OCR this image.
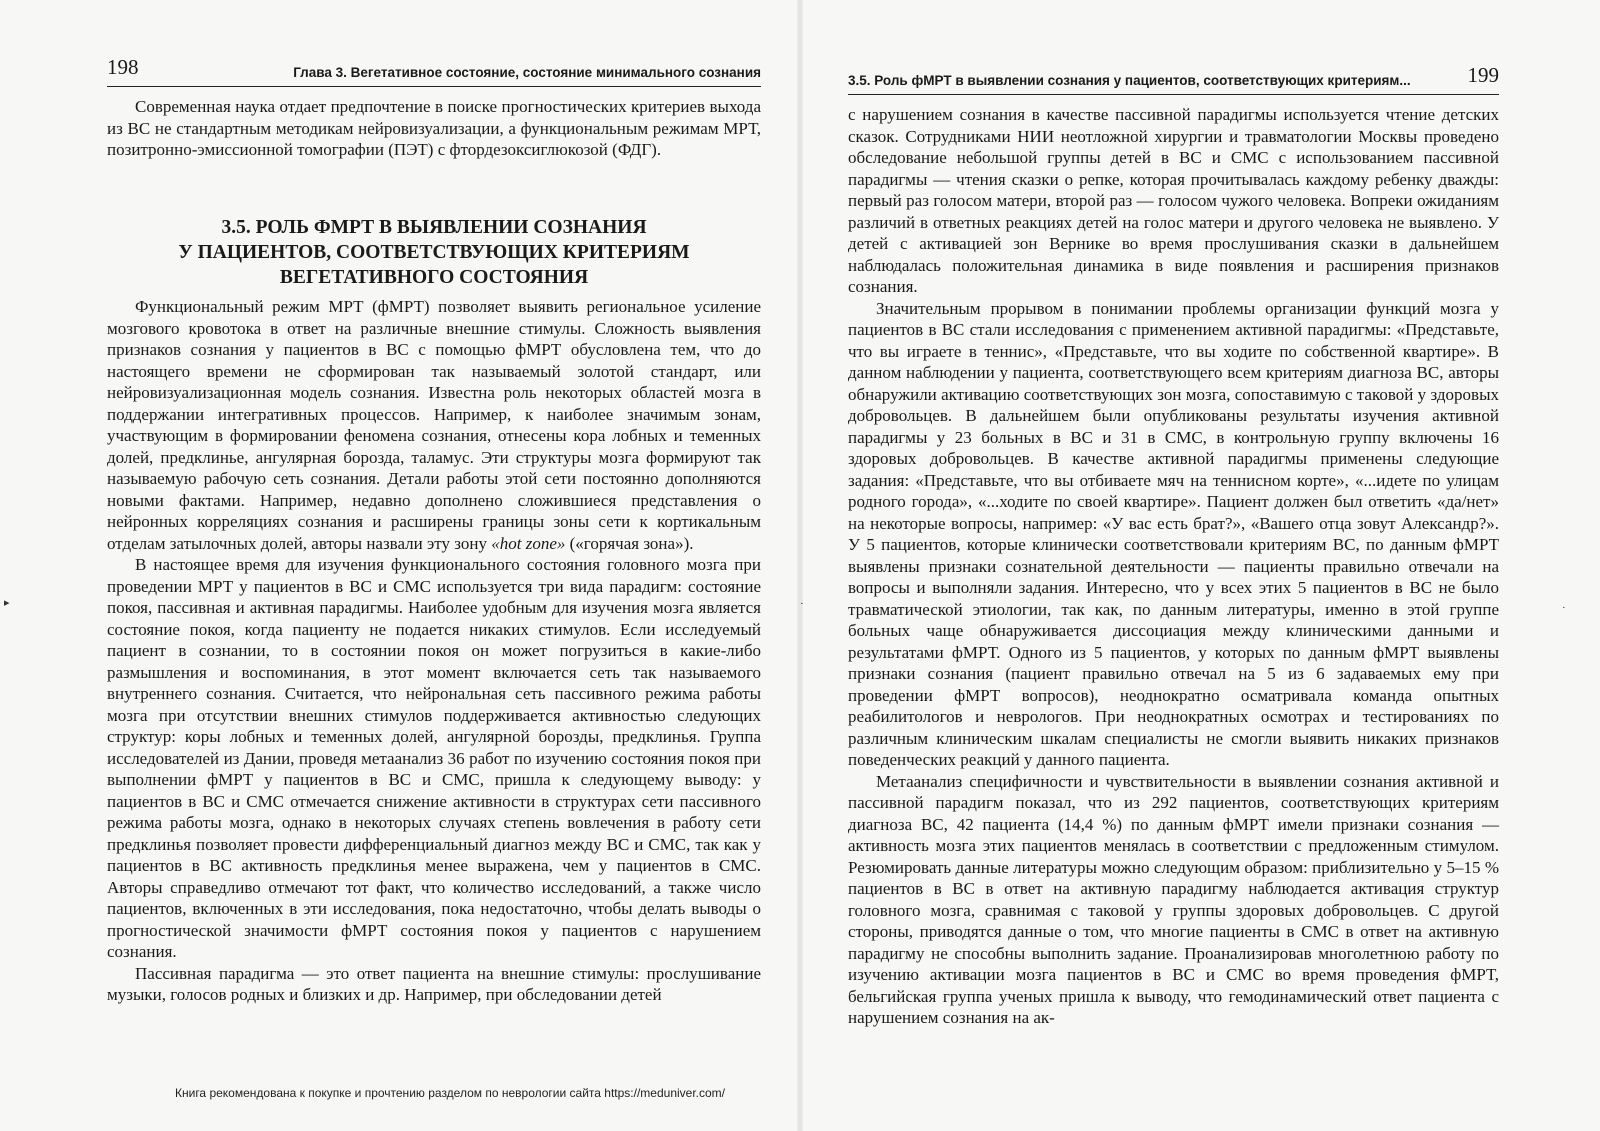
198	Глава 3. Вегетативное состояние, состояние минимального сознания

Современная наука отдает предпочтение в поиске прогностических критериев выхода из ВС не стандартным методикам нейровизуализации, а функциональным режимам МРТ, позитронно-эмиссионной томографии (ПЭТ) с фтордезоксиглюкозой (ФДГ).

3.5. РОЛЬ ФМРТ В ВЫЯВЛЕНИИ СОЗНАНИЯ
У ПАЦИЕНТОВ, СООТВЕТСТВУЮЩИХ КРИТЕРИЯМ
ВЕГЕТАТИВНОГО СОСТОЯНИЯ

Функциональный режим МРТ (фМРТ) позволяет выявить региональное усиление мозгового кровотока в ответ на различные внешние стимулы. Сложность выявления признаков сознания у пациентов в ВС с помощью фМРТ обусловлена тем, что до настоящего времени не сформирован так называемый золотой стандарт, или нейровизуализационная модель сознания. Известна роль некоторых областей мозга в поддержании интегративных процессов. Например, к наиболее значимым зонам, участвующим в формировании феномена сознания, отнесены кора лобных и теменных долей, предклинье, ангулярная борозда, таламус. Эти структуры мозга формируют так называемую рабочую сеть сознания. Детали работы этой сети постоянно дополняются новыми фактами. Например, недавно дополнено сложившиеся представления о нейронных корреляциях сознания и расширены границы зоны сети к кортикальным отделам затылочных долей, авторы назвали эту зону «hot zone» («горячая зона»).

В настоящее время для изучения функционального состояния головного мозга при проведении МРТ у пациентов в ВС и СМС используется три вида парадигм: состояние покоя, пассивная и активная парадигмы. Наиболее удобным для изучения мозга является состояние покоя, когда пациенту не подается никаких стимулов. Если исследуемый пациент в сознании, то в состоянии покоя он может погрузиться в какие-либо размышления и воспоминания, в этот момент включается сеть так называемого внутреннего сознания. Считается, что нейрональная сеть пассивного режима работы мозга при отсутствии внешних стимулов поддерживается активностью следующих структур: коры лобных и теменных долей, ангулярной борозды, предклинья. Группа исследователей из Дании, проведя метаанализ 36 работ по изучению состояния покоя при выполнении фМРТ у пациентов в ВС и СМС, пришла к следующему выводу: у пациентов в ВС и СМС отмечается снижение активности в структурах сети пассивного режима работы мозга, однако в некоторых случаях степень вовлечения в работу сети предклинья позволяет провести дифференциальный диагноз между ВС и СМС, так как у пациентов в ВС активность предклинья менее выражена, чем у пациентов в СМС. Авторы справедливо отмечают тот факт, что количество исследований, а также число пациентов, включенных в эти исследования, пока недостаточно, чтобы делать выводы о прогностической значимости фМРТ состояния покоя у пациентов с нарушением сознания.

Пассивная парадигма — это ответ пациента на внешние стимулы: прослушивание музыки, голосов родных и близких и др. Например, при обследовании детей

3.5. Роль фМРТ в выявлении сознания у пациентов, соответствующих критериям...	199

с нарушением сознания в качестве пассивной парадигмы используется чтение детских сказок. Сотрудниками НИИ неотложной хирургии и травматологии Москвы проведено обследование небольшой группы детей в ВС и СМС с использованием пассивной парадигмы — чтения сказки о репке, которая прочитывалась каждому ребенку дважды: первый раз голосом матери, второй раз — голосом чужого человека. Вопреки ожиданиям различий в ответных реакциях детей на голос матери и другого человека не выявлено. У детей с активацией зон Вернике во время прослушивания сказки в дальнейшем наблюдалась положительная динамика в виде появления и расширения признаков сознания.

Значительным прорывом в понимании проблемы организации функций мозга у пациентов в ВС стали исследования с применением активной парадигмы: «Представьте, что вы играете в теннис», «Представьте, что вы ходите по собственной квартире». В данном наблюдении у пациента, соответствующего всем критериям диагноза ВС, авторы обнаружили активацию соответствующих зон мозга, сопоставимую с таковой у здоровых добровольцев. В дальнейшем были опубликованы результаты изучения активной парадигмы у 23 больных в ВС и 31 в СМС, в контрольную группу включены 16 здоровых добровольцев. В качестве активной парадигмы применены следующие задания: «Представьте, что вы отбиваете мяч на теннисном корте», «...идете по улицам родного города», «...ходите по своей квартире». Пациент должен был ответить «да/нет» на некоторые вопросы, например: «У вас есть брат?», «Вашего отца зовут Александр?». У 5 пациентов, которые клинически соответствовали критериям ВС, по данным фМРТ выявлены признаки сознательной деятельности — пациенты правильно отвечали на вопросы и выполняли задания. Интересно, что у всех этих 5 пациентов в ВС не было травматической этиологии, так как, по данным литературы, именно в этой группе больных чаще обнаруживается диссоциация между клиническими данными и результатами фМРТ. Одного из 5 пациентов, у которых по данным фМРТ выявлены признаки сознания (пациент правильно отвечал на 5 из 6 задаваемых ему при проведении фМРТ вопросов), неоднократно осматривала команда опытных реабилитологов и неврологов. При неоднократных осмотрах и тестированиях по различным клиническим шкалам специалисты не смогли выявить никаких признаков поведенческих реакций у данного пациента.

Метаанализ специфичности и чувствительности в выявлении сознания активной и пассивной парадигм показал, что из 292 пациентов, соответствующих критериям диагноза ВС, 42 пациента (14,4 %) по данным фМРТ имели признаки сознания — активность мозга этих пациентов менялась в соответствии с предложенным стимулом. Резюмировать данные литературы можно следующим образом: приблизительно у 5–15 % пациентов в ВС в ответ на активную парадигму наблюдается активация структур головного мозга, сравнимая с таковой у группы здоровых добровольцев. С другой стороны, приводятся данные о том, что многие пациенты в СМС в ответ на активную парадигму не способны выполнить задание. Проанализировав многолетнюю работу по изучению активации мозга пациентов в ВС и СМС во время проведения фМРТ, бельгийская группа ученых пришла к выводу, что гемодинамический ответ пациента с нарушением сознания на ак-

Книга рекомендована к покупке и прочтению разделом по неврологии сайта https://meduniver.com/
▸	·	·
